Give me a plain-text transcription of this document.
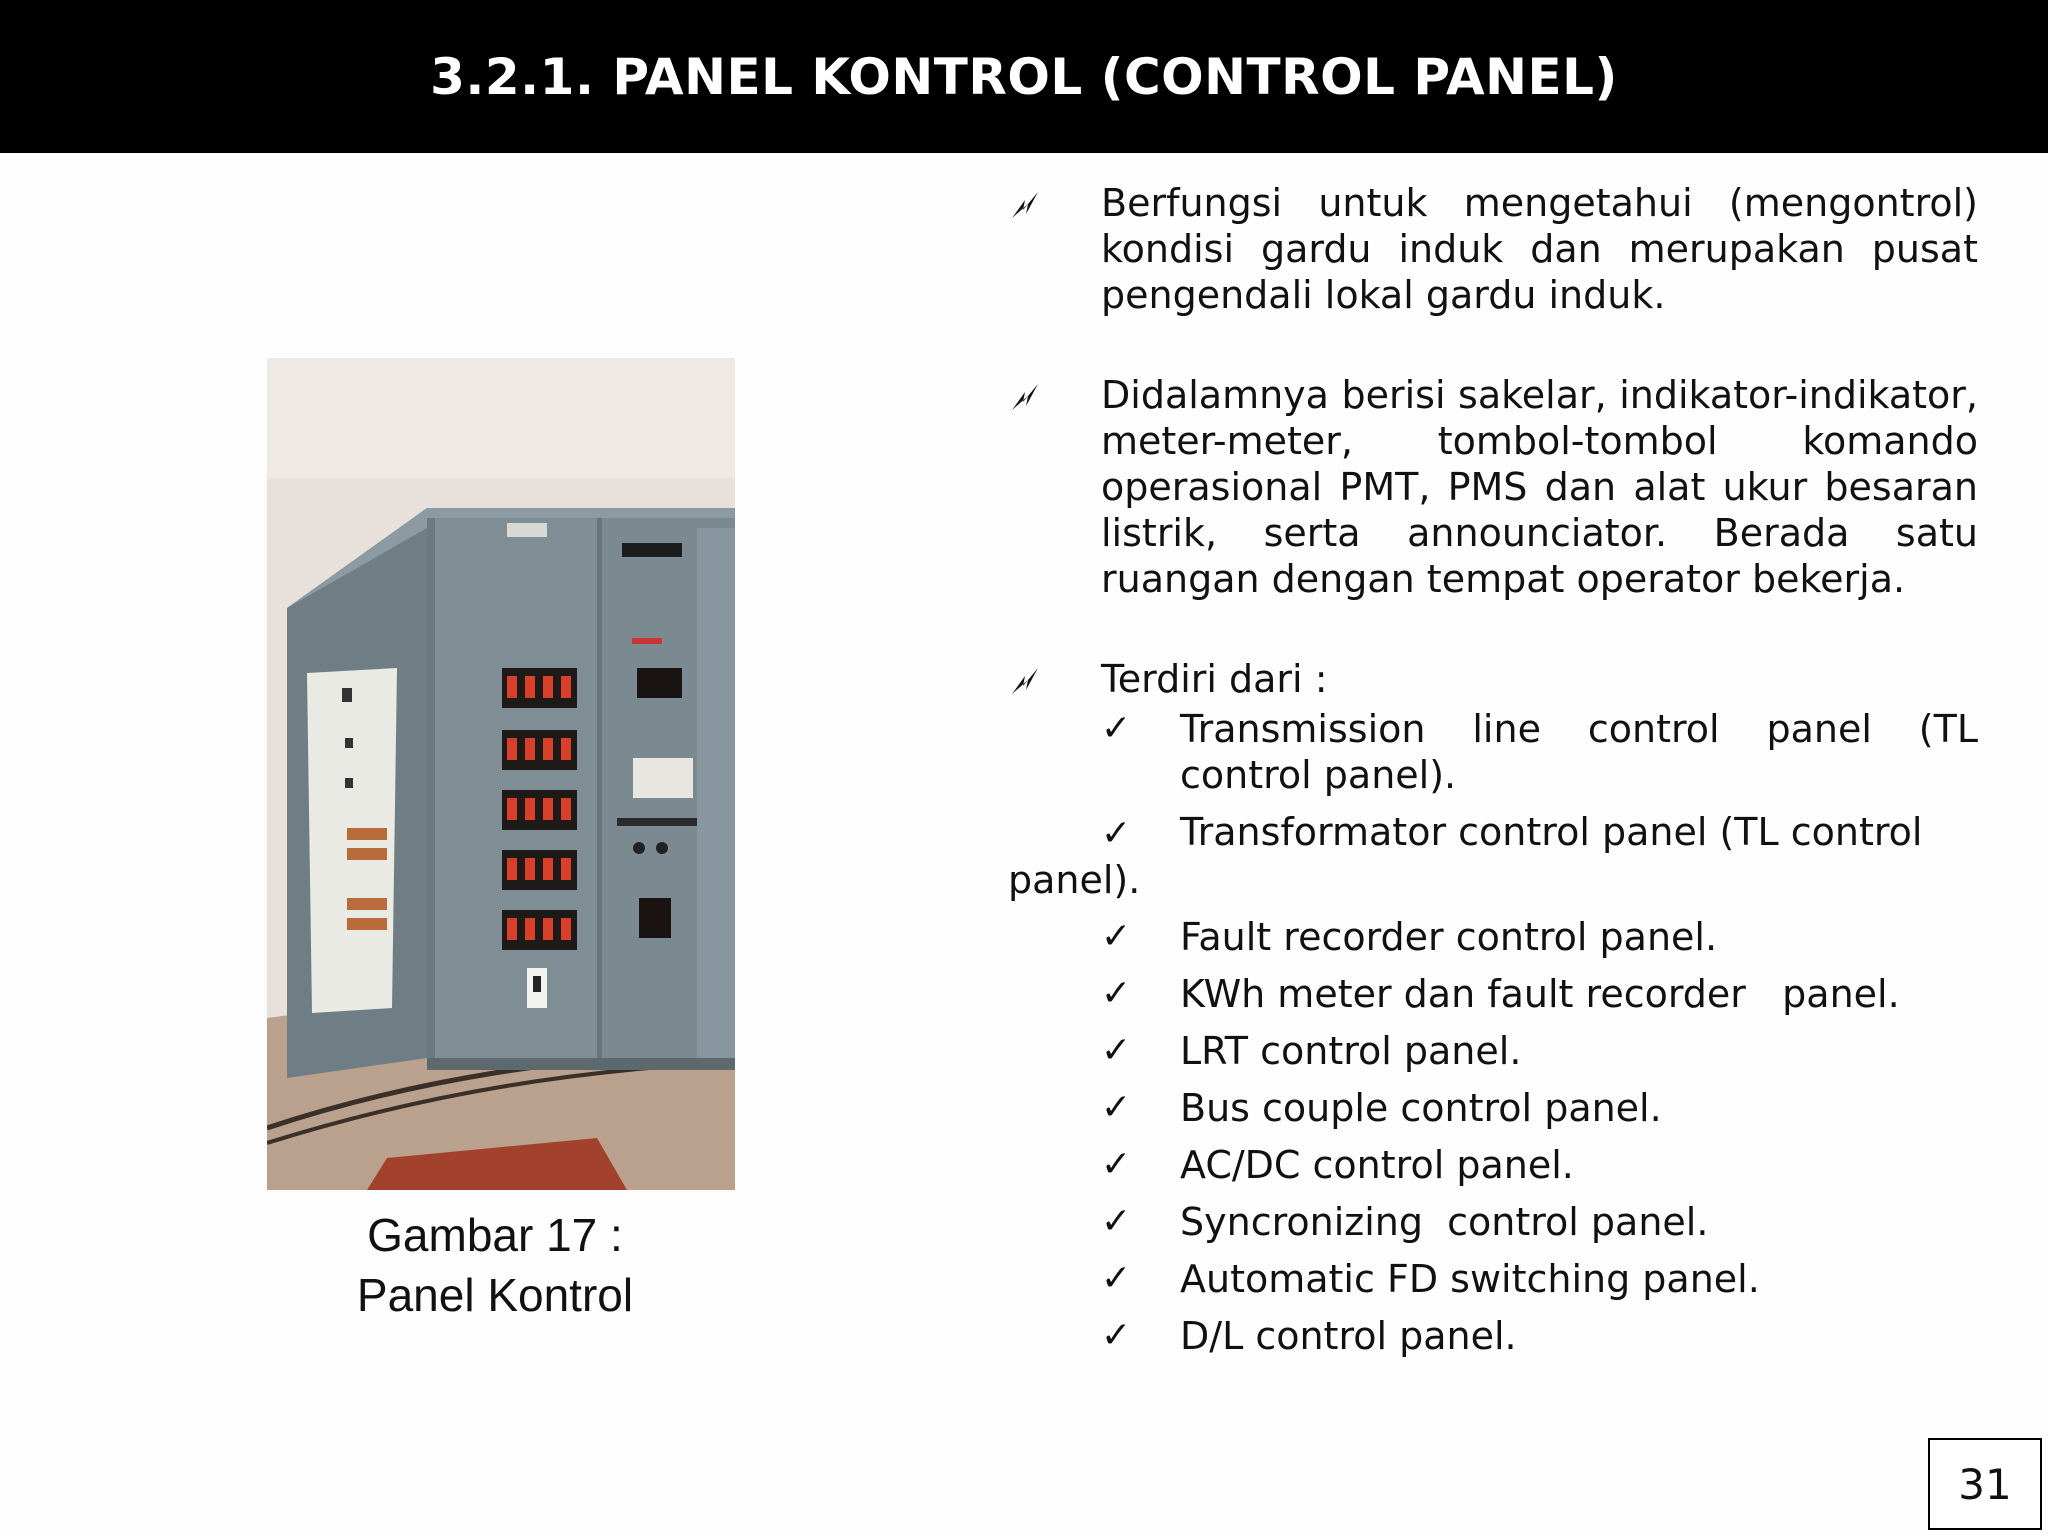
3.2.1. PANEL KONTROL (CONTROL PANEL)
Gambar 17 :
Panel Kontrol
Berfungsi untuk mengetahui (mengontrol) kondisi gardu induk dan merupakan pusat pengendali lokal gardu induk.
Didalamnya berisi sakelar, indikator-indikator, meter-meter, tombol-tombol komando operasional PMT, PMS dan alat ukur besaran listrik, serta announciator. Berada satu ruangan dengan tempat operator bekerja.
Terdiri dari :
✓ Transmission line control panel (TL control panel).
✓ Transformator control panel (TL control panel).
✓ Fault recorder control panel.
✓ KWh meter dan fault recorder   panel.
✓ LRT control panel.
✓ Bus couple control panel.
✓ AC/DC control panel.
✓ Syncronizing  control panel.
✓ Automatic FD switching panel.
✓ D/L control panel.
31
